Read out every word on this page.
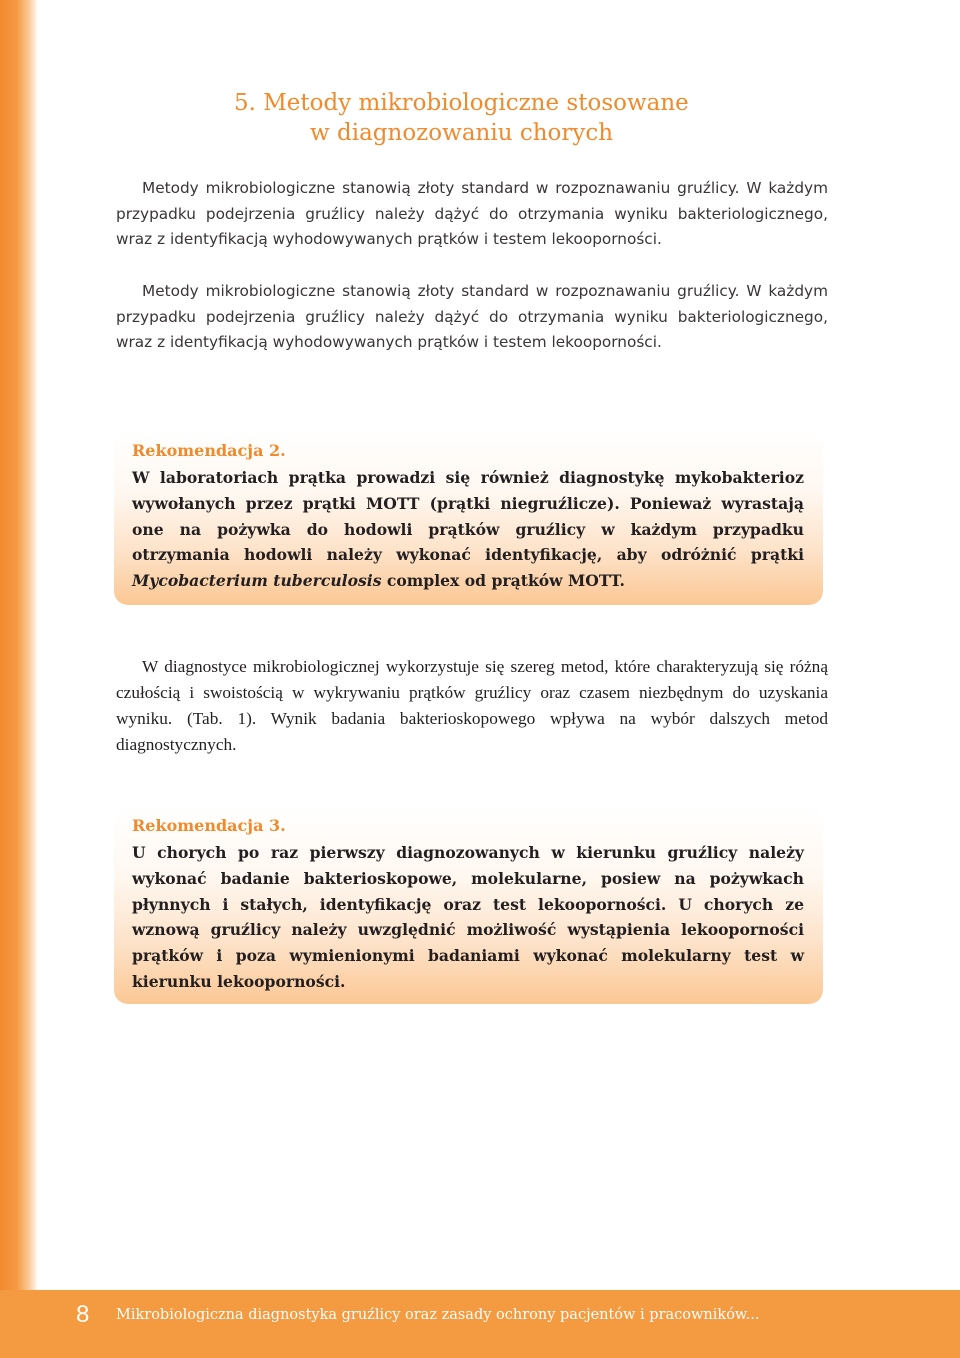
5. Metody mikrobiologiczne stosowane
w diagnozowaniu chorych

Metody mikrobiologiczne stanowią złoty standard w rozpoznawaniu gruźlicy. W każdym przypadku podejrzenia gruźlicy należy dążyć do otrzymania wyniku bakteriologicznego, wraz z identyfikacją wyhodowywanych prątków i testem lekooporności.

Metody mikrobiologiczne stanowią złoty standard w rozpoznawaniu gruźlicy. W każdym przypadku podejrzenia gruźlicy należy dążyć do otrzymania wyniku bakteriologicznego, wraz z identyfikacją wyhodowywanych prątków i testem lekooporności.

Rekomendacja 2.

W laboratoriach prątka prowadzi się również diagnostykę mykobakterioz wywołanych przez prątki MOTT (prątki niegruźlicze). Ponieważ wyrastają one na pożywka do hodowli prątków gruźlicy w każdym przypadku otrzymania hodowli należy wykonać identyfikację, aby odróżnić prątki Mycobacterium tuberculosis complex od prątków MOTT.

W diagnostyce mikrobiologicznej wykorzystuje się szereg metod, które charakteryzują się różną czułością i swoistością w wykrywaniu prątków gruźlicy oraz czasem niezbędnym do uzyskania wyniku. (Tab. 1). Wynik badania bakterioskopowego wpływa na wybór dalszych metod diagnostycznych.

Rekomendacja 3.

U chorych po raz pierwszy diagnozowanych w kierunku gruźlicy należy wykonać badanie bakterioskopowe, molekularne, posiew na pożywkach płynnych i stałych, identyfikację oraz test lekooporności. U chorych ze wznową gruźlicy należy uwzględnić możliwość wystąpienia lekooporności prątków i poza wymienionymi badaniami wykonać molekularny test w kierunku lekooporności.

8 Mikrobiologiczna diagnostyka gruźlicy oraz zasady ochrony pacjentów i pracowników...
